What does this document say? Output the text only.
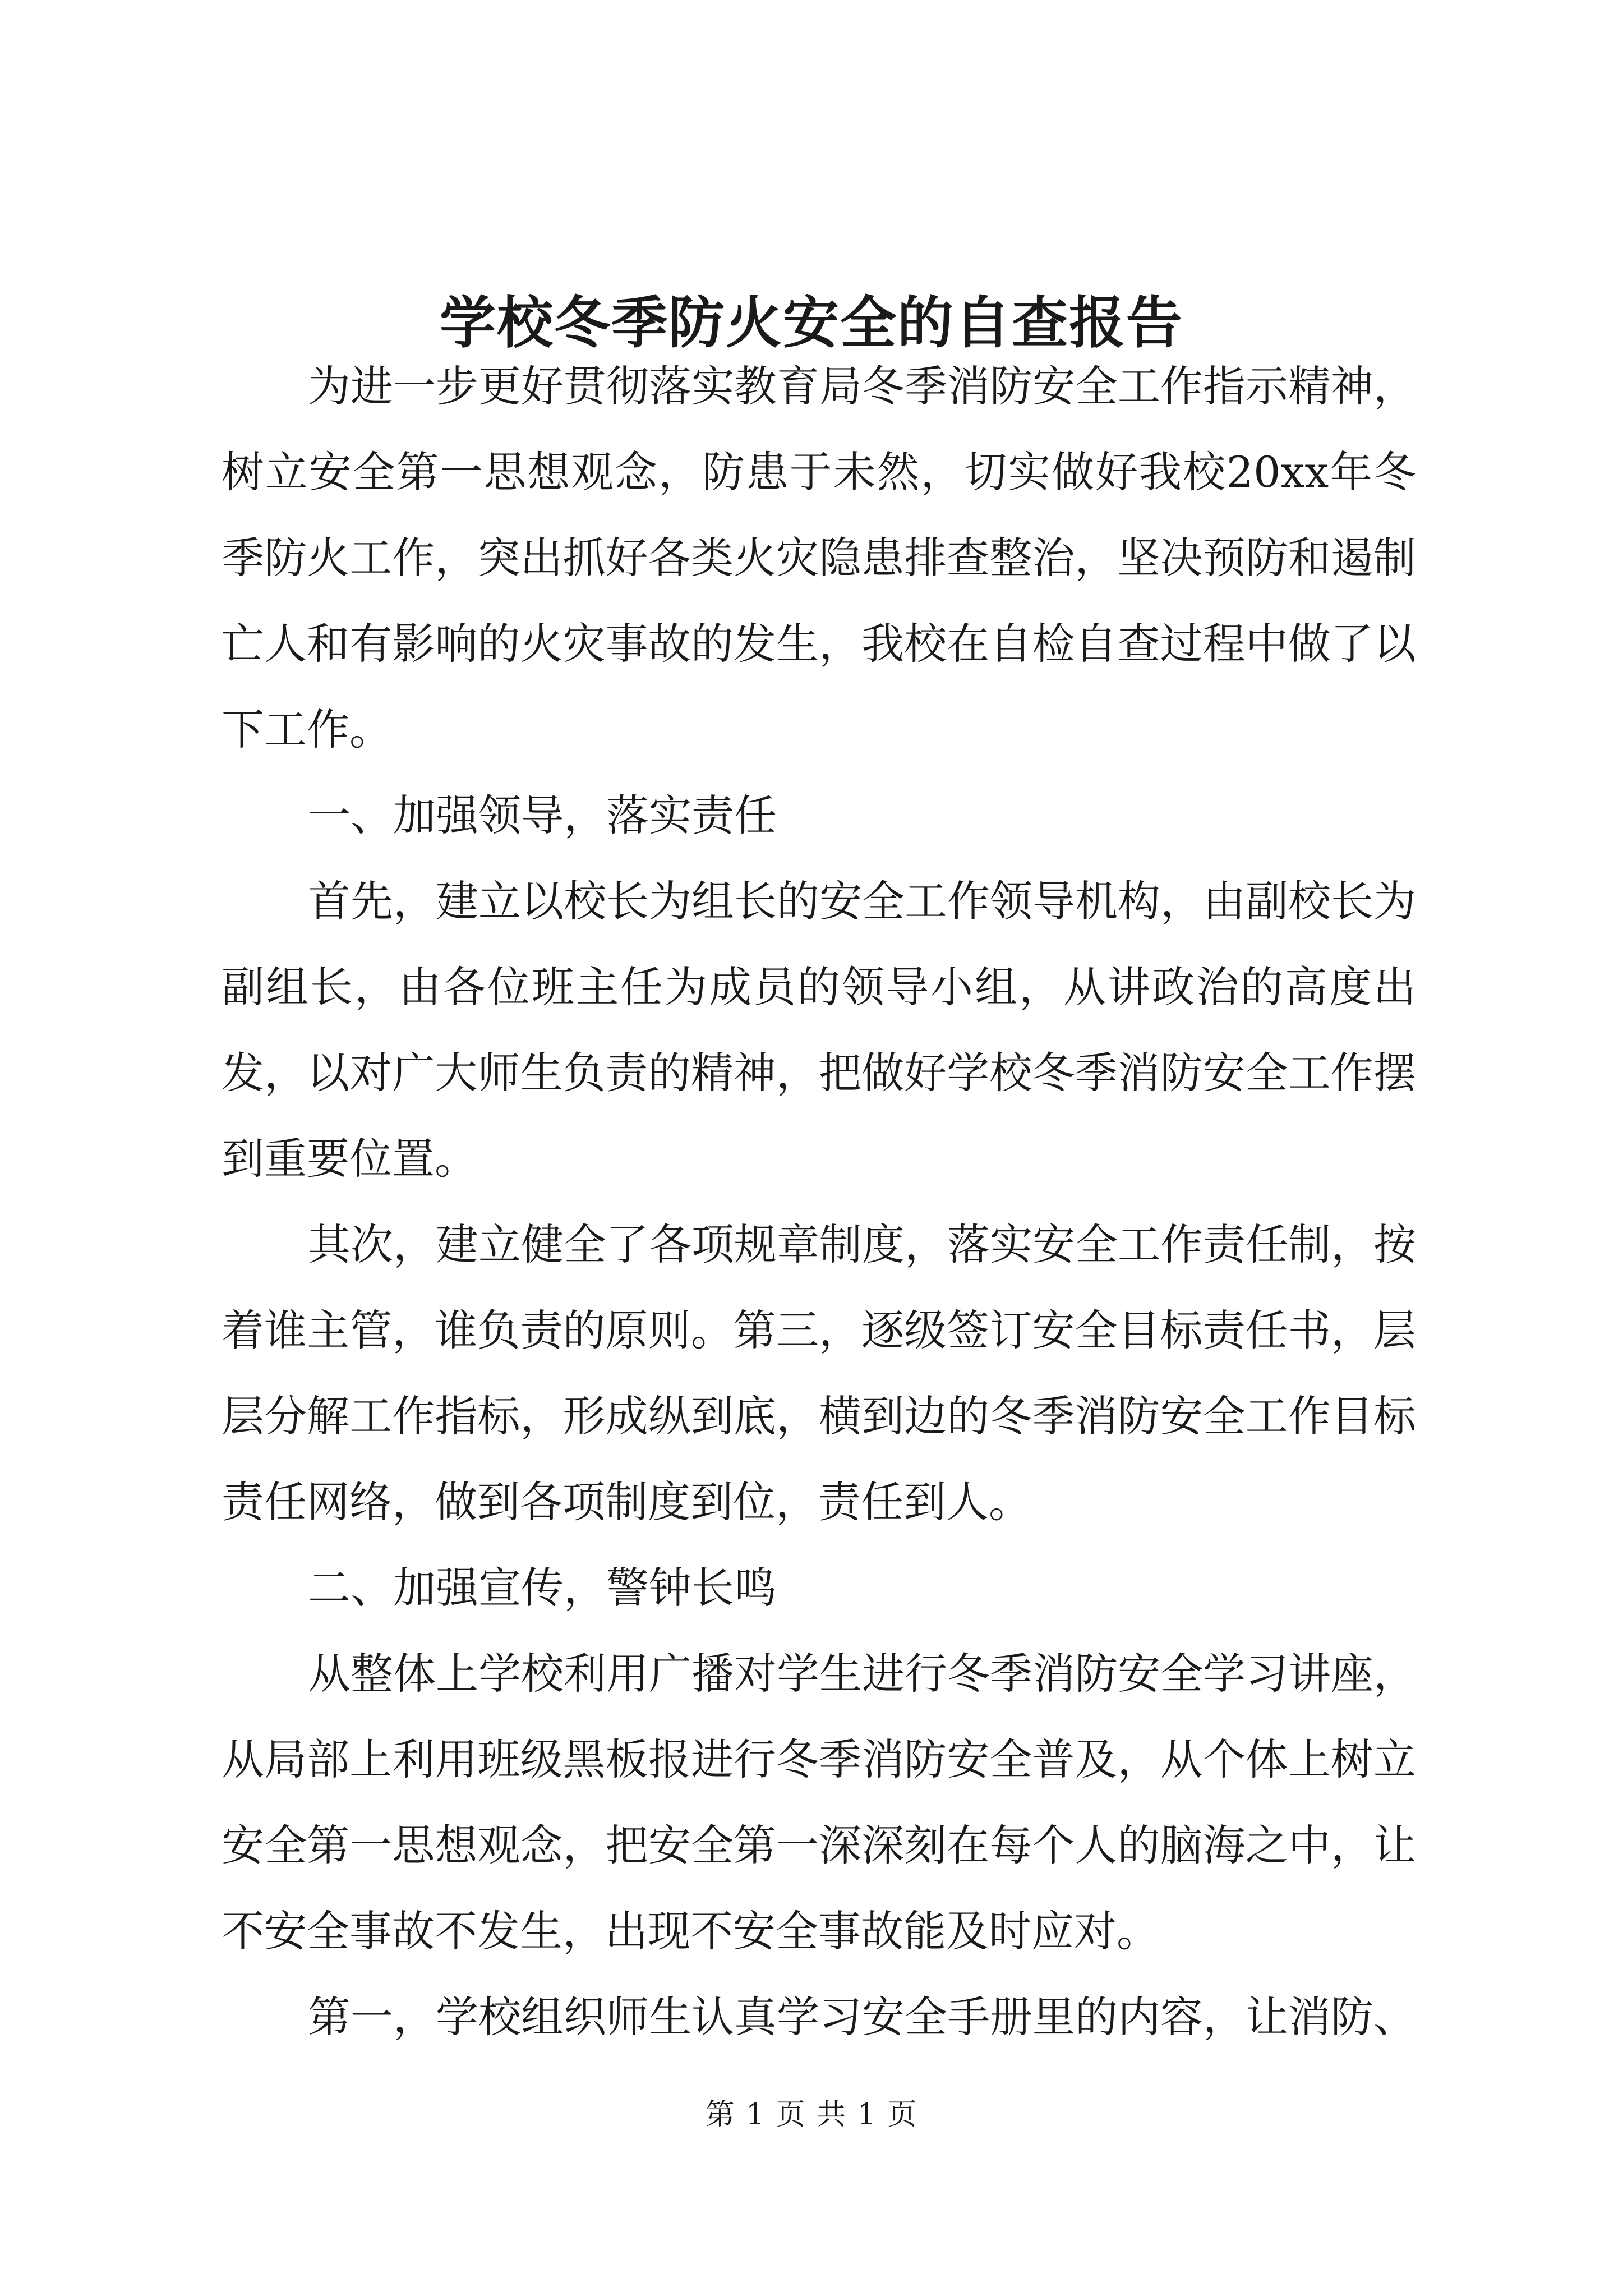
学校冬季防火安全的自查报告

为进一步更好贯彻落实教育局冬季消防安全工作指示精神，树立安全第一思想观念，防患于未然，切实做好我校20xx年冬季防火工作，突出抓好各类火灾隐患排查整治，坚决预防和遏制亡人和有影响的火灾事故的发生，我校在自检自查过程中做了以下工作。

一、加强领导，落实责任

首先，建立以校长为组长的安全工作领导机构，由副校长为副组长，由各位班主任为成员的领导小组，从讲政治的高度出发，以对广大师生负责的精神，把做好学校冬季消防安全工作摆到重要位置。

其次，建立健全了各项规章制度，落实安全工作责任制，按着谁主管，谁负责的原则。第三，逐级签订安全目标责任书，层层分解工作指标，形成纵到底，横到边的冬季消防安全工作目标责任网络，做到各项制度到位，责任到人。

二、加强宣传，警钟长鸣

从整体上学校利用广播对学生进行冬季消防安全学习讲座，从局部上利用班级黑板报进行冬季消防安全普及，从个体上树立安全第一思想观念，把安全第一深深刻在每个人的脑海之中，让不安全事故不发生，出现不安全事故能及时应对。

第一，学校组织师生认真学习安全手册里的内容，让消防、

第 1 页 共 1 页
